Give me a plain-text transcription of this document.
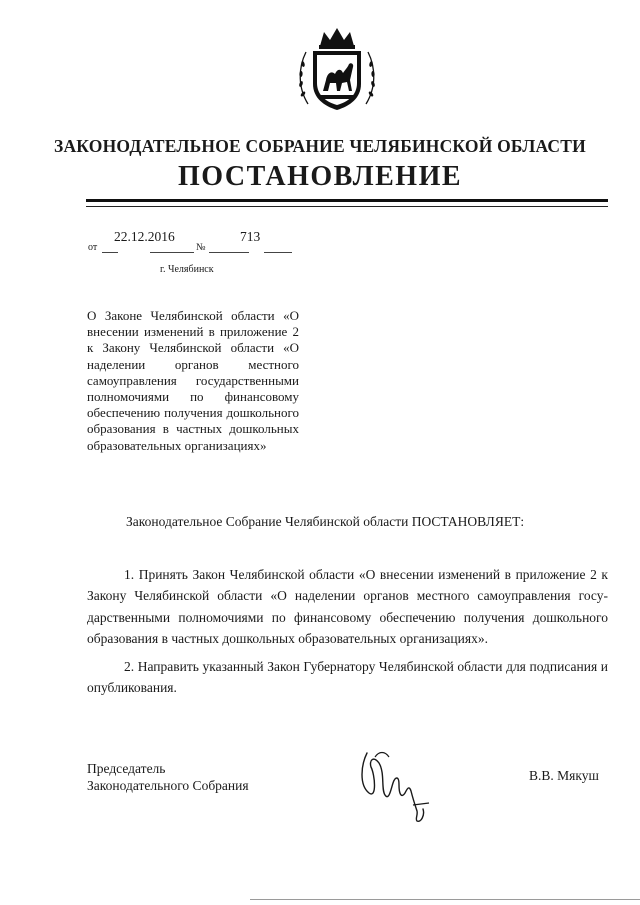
ЗАКОНОДАТЕЛЬНОЕ СОБРАНИЕ ЧЕЛЯБИНСКОЙ ОБЛАСТИ
ПОСТАНОВЛЕНИЕ
от
22.12.2016
№
713
г. Челябинск
О Законе Челябинской области «О внесении изменений в приложение 2 к Закону Челябинской области «О наделении органов местного самоуправления государственными полномочиями по финансовому обеспечению получения дошкольного образования в частных дошкольных образовательных организациях»
Законодательное Собрание Челябинской области ПОСТАНОВЛЯЕТ:
1. Принять Закон Челябинской области «О внесении изменений в приложение 2 к Закону Челябинской области «О наделении органов местного самоуправления государственными полномочиями по финансовому обеспечению получения дошкольного образования в частных дошкольных образовательных организациях».
2. Направить указанный Закон Губернатору Челябинской области для подписания и опубликования.
Председатель
Законодательного Собрания
В.В. Мякуш
